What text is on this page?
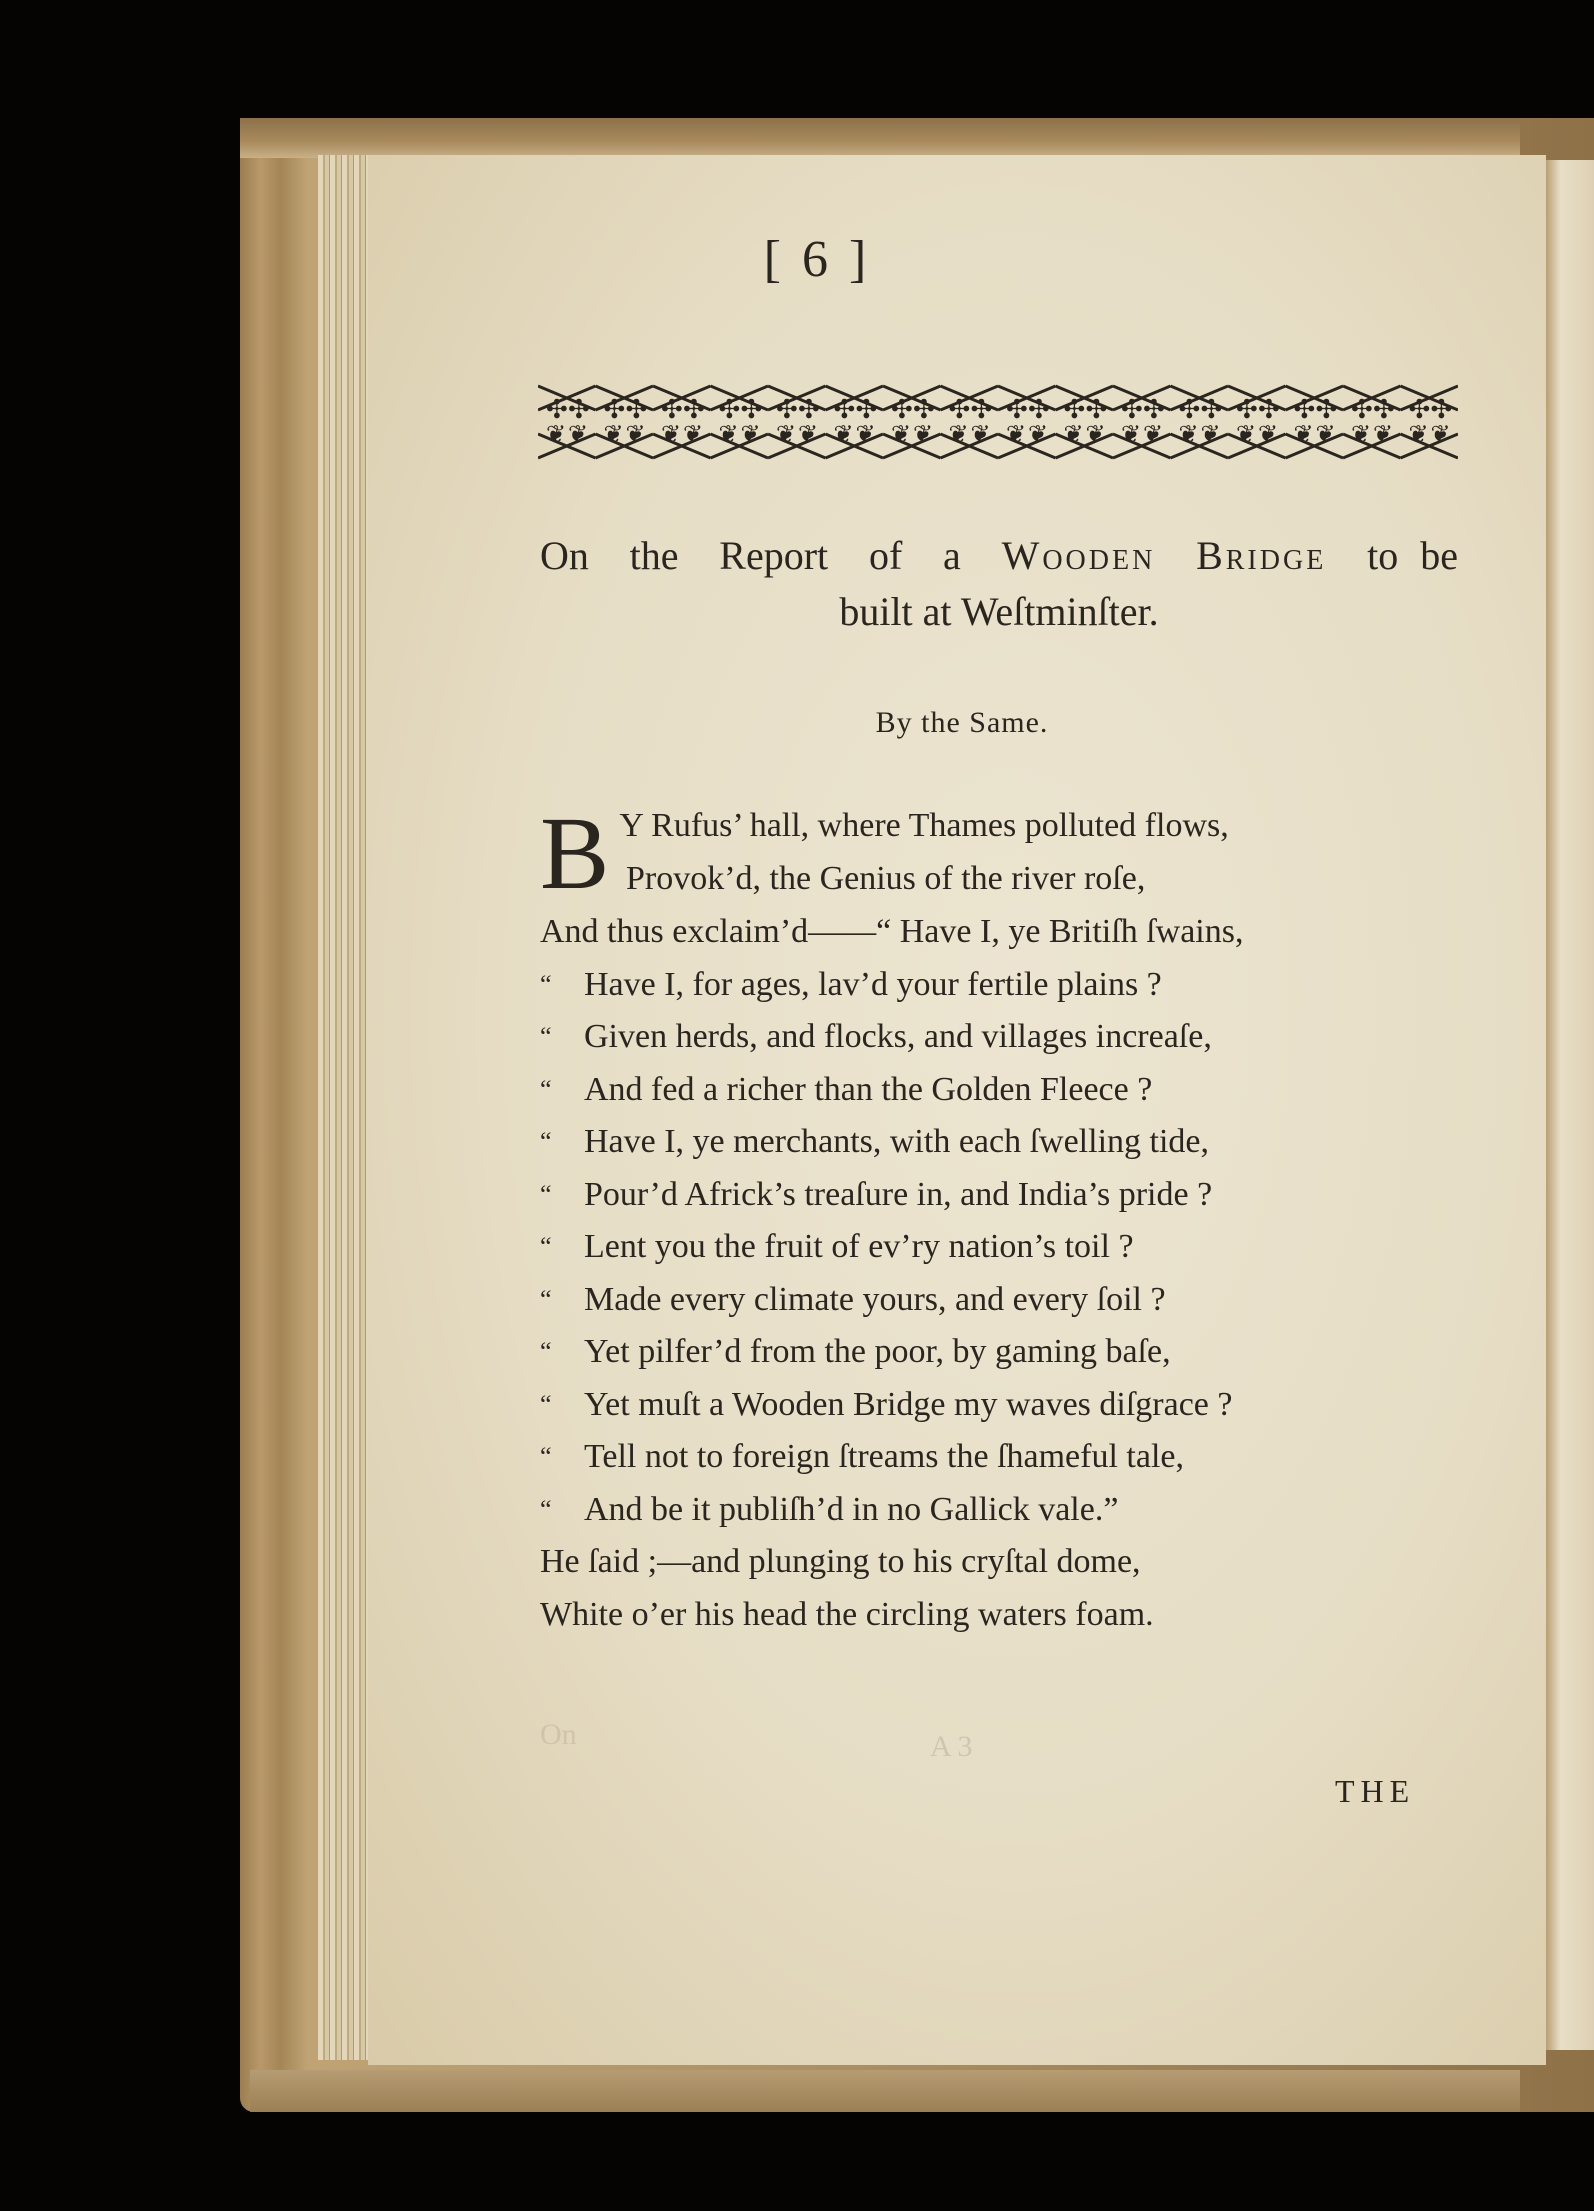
[ 6 ]
On the Report of a Wooden Bridge to be
built at Weſtminſter.
By the Same.
B Y Rufus’ hall, where Thames polluted flows,
Provok’d, the Genius of the river roſe,
And thus exclaim’d——“ Have I, ye Britiſh ſwains,
“ Have I, for ages, lav’d your fertile plains ?
“ Given herds, and flocks, and villages increaſe,
“ And fed a richer than the Golden Fleece ?
“ Have I, ye merchants, with each ſwelling tide,
“ Pour’d Africk’s treaſure in, and India’s pride ?
“ Lent you the fruit of ev’ry nation’s toil ?
“ Made every climate yours, and every ſoil ?
“ Yet pilfer’d from the poor, by gaming baſe,
“ Yet muſt a Wooden Bridge my waves diſgrace ?
“ Tell not to foreign ſtreams the ſhameful tale,
“ And be it publiſh’d in no Gallick vale.”
He ſaid ;—and plunging to his cryſtal dome,
White o’er his head the circling waters foam.
On	A 3
THE
